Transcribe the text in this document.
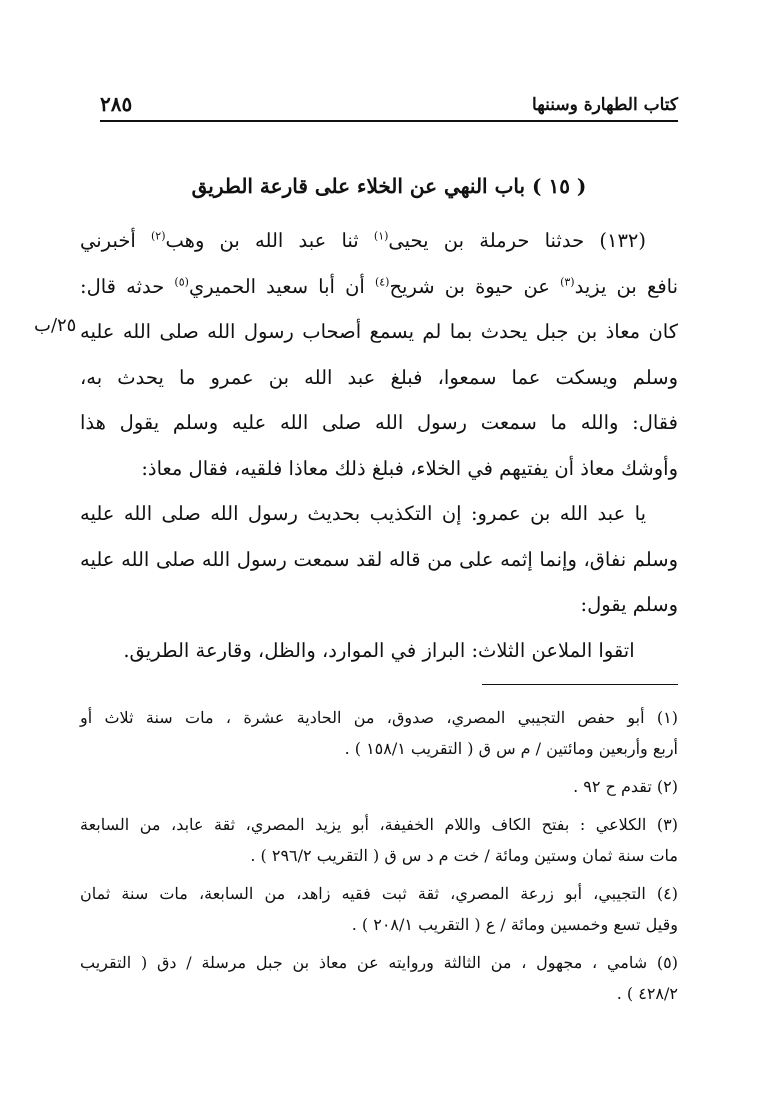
كتاب الطهارة وسننها
٢٨٥
( ١٥ ) باب النهي عن الخلاء على قارعة الطريق
٢٥/ب

(١٣٢) حدثنا حرملة بن يحيى$^{(١)}$ ثنا عبد الله بن وهب$^{(٢)}$ أخبرني

نافع بن يزيد$^{(٣)}$ عن حيوة بن شريح$^{(٤)}$ أن أبا سعيد الحميري$^{(٥)}$ حدثه قال:

كان معاذ بن جبل يحدث بما لم يسمع أصحاب رسول الله صلى الله عليه

وسلم ويسكت عما سمعوا، فبلغ عبد الله بن عمرو ما يحدث به،

فقال: والله ما سمعت رسول الله صلى الله عليه وسلم يقول هذا

وأوشك معاذ أن يفتيهم في الخلاء، فبلغ ذلك معاذا فلقيه، فقال معاذ:

يا عبد الله بن عمرو: إن التكذيب بحديث رسول الله صلى الله عليه

وسلم نفاق، وإنما إثمه على من قاله لقد سمعت رسول الله صلى الله عليه

وسلم يقول:

اتقوا الملاعن الثلاث: البراز في الموارد، والظل، وقارعة الطريق.

(١) أبو حفص التجيبي المصري، صدوق، من الحادية عشرة ، مات سنة ثلاث أو
أربع وأربعين ومائتين / م س ق ( التقريب ١٥٨/١ ) .
(٢) تقدم ح ٩٢ .
(٣) الكلاعي : بفتح الكاف واللام الخفيفة، أبو يزيد المصري، ثقة عابد، من السابعة
مات سنة ثمان وستين ومائة / خت م د س ق ( التقريب ٢٩٦/٢ ) .
(٤) التجيبي، أبو زرعة المصري، ثقة ثبت فقيه زاهد، من السابعة، مات سنة ثمان
وقيل تسع وخمسين ومائة / ع ( التقريب ٢٠٨/١ ) .
(٥) شامي ، مجهول ، من الثالثة وروايته عن معاذ بن جبل مرسلة / دق ( التقريب
٤٢٨/٢ ) .
